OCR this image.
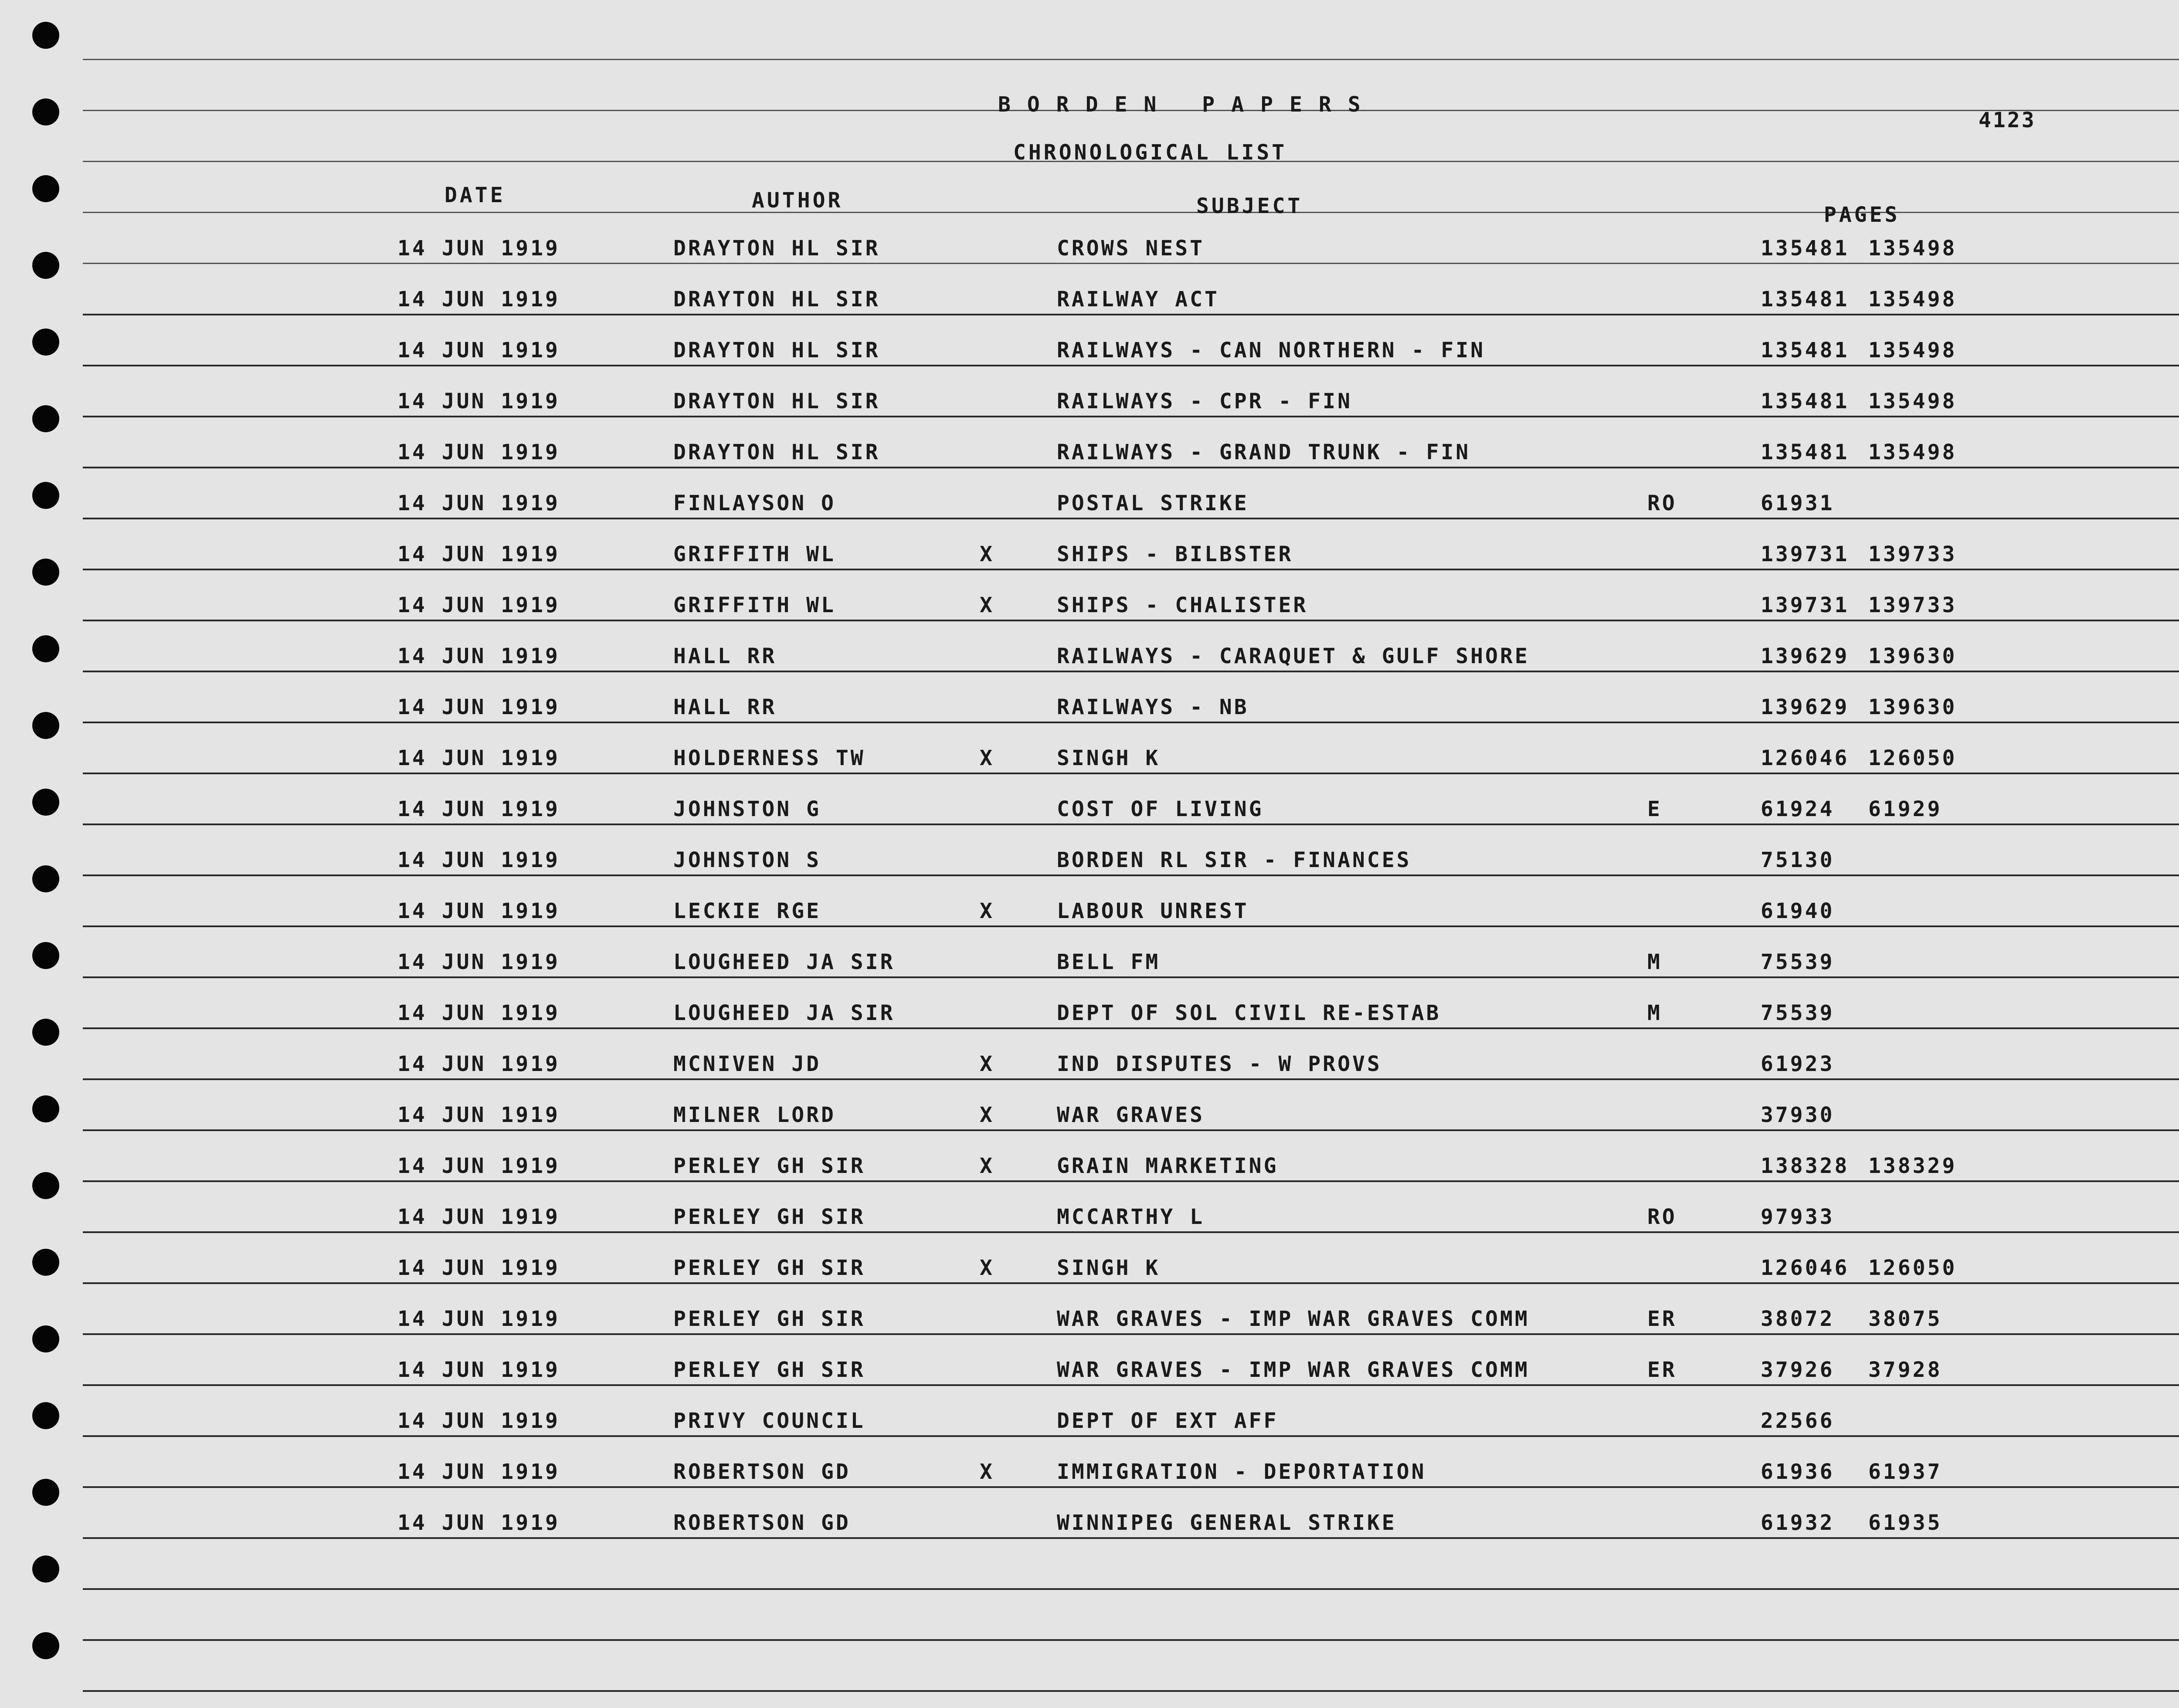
BORDEN PAPERS
CHRONOLOGICAL LIST
4123
DATE	AUTHOR	SUBJECT	PAGES
14 JUN 1919	DRAYTON HL SIR	CROWS NEST	135481 135498
14 JUN 1919	DRAYTON HL SIR	RAILWAY ACT	135481 135498
14 JUN 1919	DRAYTON HL SIR	RAILWAYS - CAN NORTHERN - FIN	135481 135498
14 JUN 1919	DRAYTON HL SIR	RAILWAYS - CPR - FIN	135481 135498
14 JUN 1919	DRAYTON HL SIR	RAILWAYS - GRAND TRUNK - FIN	135481 135498
14 JUN 1919	FINLAYSON O	POSTAL STRIKE	RO	61931
14 JUN 1919	GRIFFITH WL	X	SHIPS - BILBSTER	139731 139733
14 JUN 1919	GRIFFITH WL	X	SHIPS - CHALISTER	139731 139733
14 JUN 1919	HALL RR	RAILWAYS - CARAQUET & GULF SHORE	139629 139630
14 JUN 1919	HALL RR	RAILWAYS - NB	139629 139630
14 JUN 1919	HOLDERNESS TW	X	SINGH K	126046 126050
14 JUN 1919	JOHNSTON G	COST OF LIVING	E	61924 61929
14 JUN 1919	JOHNSTON S	BORDEN RL SIR - FINANCES	75130
14 JUN 1919	LECKIE RGE	X	LABOUR UNREST	61940
14 JUN 1919	LOUGHEED JA SIR	BELL FM	M	75539
14 JUN 1919	LOUGHEED JA SIR	DEPT OF SOL CIVIL RE-ESTAB	M	75539
14 JUN 1919	MCNIVEN JD	X	IND DISPUTES - W PROVS	61923
14 JUN 1919	MILNER LORD	X	WAR GRAVES	37930
14 JUN 1919	PERLEY GH SIR	X	GRAIN MARKETING	138328 138329
14 JUN 1919	PERLEY GH SIR	MCCARTHY L	RO	97933
14 JUN 1919	PERLEY GH SIR	X	SINGH K	126046 126050
14 JUN 1919	PERLEY GH SIR	WAR GRAVES - IMP WAR GRAVES COMM	ER	38072 38075
14 JUN 1919	PERLEY GH SIR	WAR GRAVES - IMP WAR GRAVES COMM	ER	37926 37928
14 JUN 1919	PRIVY COUNCIL	DEPT OF EXT AFF	22566
14 JUN 1919	ROBERTSON GD	X	IMMIGRATION - DEPORTATION	61936 61937
14 JUN 1919	ROBERTSON GD	WINNIPEG GENERAL STRIKE	61932 61935
